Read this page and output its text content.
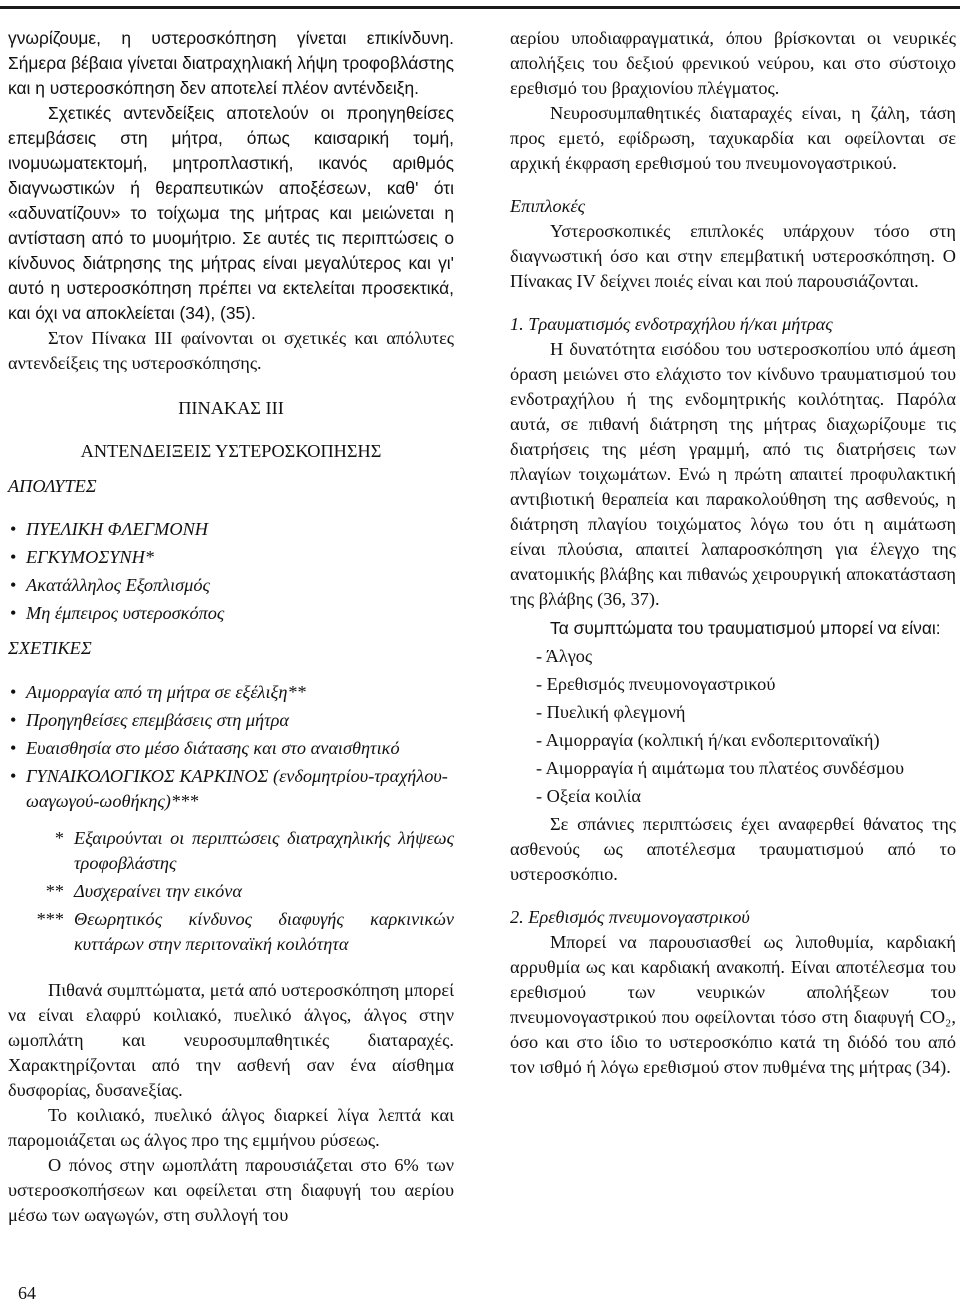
γνωρίζουμε, η υστεροσκόπηση γίνεται επικίνδυνη. Σήμερα βέβαια γίνεται διατραχηλιακή λήψη τροφοβλάστης και η υστεροσκόπηση δεν αποτελεί πλέον αντένδειξη.

Σχετικές αντενδείξεις αποτελούν οι προηγηθείσες επεμβάσεις στη μήτρα, όπως καισαρική τομή, ινομυωματεκτομή, μητροπλαστική, ικανός αριθμός διαγνωστικών ή θεραπευτικών αποξέσεων, καθ' ότι «αδυνατίζουν» το τοίχωμα της μήτρας και μειώνεται η αντίσταση από το μυομήτριο. Σε αυτές τις περιπτώσεις ο κίνδυνος διάτρησης της μήτρας είναι μεγαλύτερος και γι' αυτό η υστεροσκόπηση πρέπει να εκτελείται προσεκτικά, και όχι να αποκλείεται (34), (35).

Στον Πίνακα III φαίνονται οι σχετικές και απόλυτες αντενδείξεις της υστεροσκόπησης.

ΠΙΝΑΚΑΣ III

ΑΝΤΕΝΔΕΙΞΕΙΣ ΥΣΤΕΡΟΣΚΟΠΗΣΗΣ

ΑΠΟΛΥΤΕΣ

• ΠΥΕΛΙΚΗ ΦΛΕΓΜΟΝΗ
• ΕΓΚΥΜΟΣΥΝΗ*
• Ακατάλληλος Εξοπλισμός
• Μη έμπειρος υστεροσκόπος

ΣΧΕΤΙΚΕΣ

• Αιμορραγία από τη μήτρα σε εξέλιξη**
• Προηγηθείσες επεμβάσεις στη μήτρα
• Ευαισθησία στο μέσο διάτασης και στο αναισθητικό
• ΓΥΝΑΙΚΟΛΟΓΙΚΟΣ ΚΑΡΚΙΝΟΣ (ενδομητρίου-τραχήλου-ωαγωγού-ωοθήκης)***
* Εξαιρούνται οι περιπτώσεις διατραχηλικής λήψεως τροφοβλάστης
** Δυσχεραίνει την εικόνα
*** Θεωρητικός κίνδυνος διαφυγής καρκινικών κυττάρων στην περιτοναϊκή κοιλότητα

Πιθανά συμπτώματα, μετά από υστεροσκόπηση μπορεί να είναι ελαφρύ κοιλιακό, πυελικό άλγος, άλγος στην ωμοπλάτη και νευροσυμπαθητικές διαταραχές. Χαρακτηρίζονται από την ασθενή σαν ένα αίσθημα δυσφορίας, δυσανεξίας.

Το κοιλιακό, πυελικό άλγος διαρκεί λίγα λεπτά και παρομοιάζεται ως άλγος προ της εμμήνου ρύσεως.

Ο πόνος στην ωμοπλάτη παρουσιάζεται στο 6% των υστεροσκοπήσεων και οφείλεται στη διαφυγή του αερίου μέσω των ωαγωγών, στη συλλογή του

αερίου υποδιαφραγματικά, όπου βρίσκονται οι νευρικές απολήξεις του δεξιού φρενικού νεύρου, και στο σύστοιχο ερεθισμό του βραχιονίου πλέγματος.

Νευροσυμπαθητικές διαταραχές είναι, η ζάλη, τάση προς εμετό, εφίδρωση, ταχυκαρδία και οφείλονται σε αρχική έκφραση ερεθισμού του πνευμονογαστρικού.

Επιπλοκές

Υστεροσκοπικές επιπλοκές υπάρχουν τόσο στη διαγνωστική όσο και στην επεμβατική υστεροσκόπηση. Ο Πίνακας IV δείχνει ποιές είναι και πού παρουσιάζονται.

1. Τραυματισμός ενδοτραχήλου ή/και μήτρας

Η δυνατότητα εισόδου του υστεροσκοπίου υπό άμεση όραση μειώνει στο ελάχιστο τον κίνδυνο τραυματισμού του ενδοτραχήλου ή της ενδομητρικής κοιλότητας. Παρόλα αυτά, σε πιθανή διάτρηση της μήτρας διαχωρίζουμε τις διατρήσεις της μέση γραμμή, από τις διατρήσεις των πλαγίων τοιχωμάτων. Ενώ η πρώτη απαιτεί προφυλακτική αντιβιοτική θεραπεία και παρακολούθηση της ασθενούς, η διάτρηση πλαγίου τοιχώματος λόγω του ότι η αιμάτωση είναι πλούσια, απαιτεί λαπαροσκόπηση για έλεγχο της ανατομικής βλάβης και πιθανώς χειρουργική αποκατάσταση της βλάβης (36, 37).

Τα συμπτώματα του τραυματισμού μπορεί να είναι:

- Άλγος

- Ερεθισμός πνευμονογαστρικού

- Πυελική φλεγμονή

- Αιμορραγία (κολπική ή/και ενδοπεριτοναϊκή)

- Αιμορραγία ή αιμάτωμα του πλατέος συνδέσμου

- Οξεία κοιλία

Σε σπάνιες περιπτώσεις έχει αναφερθεί θάνατος της ασθενούς ως αποτέλεσμα τραυματισμού από το υστεροσκόπιο.

2. Ερεθισμός πνευμονογαστρικού

Μπορεί να παρουσιασθεί ως λιποθυμία, καρδιακή αρρυθμία ως και καρδιακή ανακοπή. Είναι αποτέλεσμα του ερεθισμού των νευρικών απολήξεων του πνευμονογαστρικού που οφείλονται τόσο στη διαφυγή CO₂, όσο και στο ίδιο το υστεροσκόπιο κατά τη διόδό του από τον ισθμό ή λόγω ερεθισμού στον πυθμένα της μήτρας (34).

64
